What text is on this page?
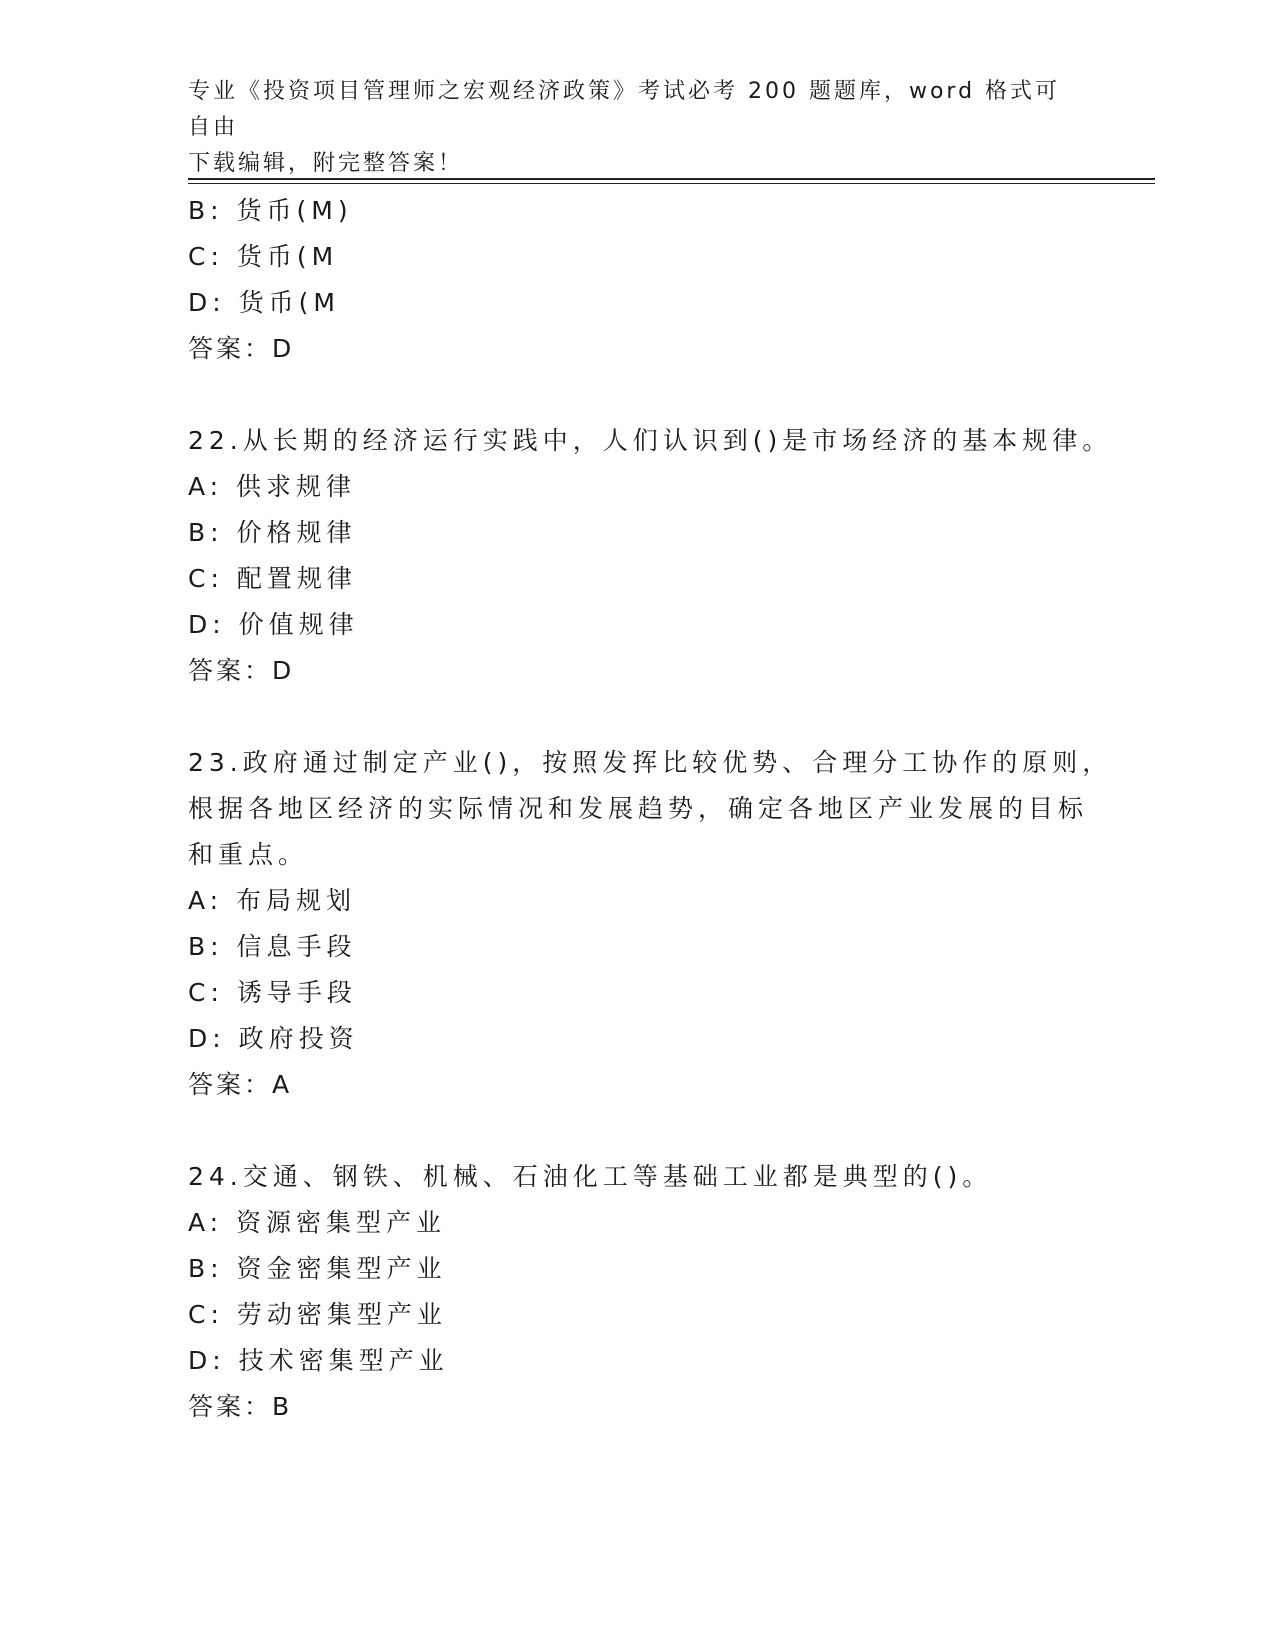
专业《投资项目管理师之宏观经济政策》考试必考 200 题题库，word 格式可自由
下载编辑，附完整答案！
B: 货币(M)
C: 货币(M
D: 货币(M
答案：D
22.从长期的经济运行实践中，人们认识到()是市场经济的基本规律。
A: 供求规律
B: 价格规律
C: 配置规律
D: 价值规律
答案：D
23.政府通过制定产业()，按照发挥比较优势、合理分工协作的原则，
根据各地区经济的实际情况和发展趋势，确定各地区产业发展的目标
和重点。
A: 布局规划
B: 信息手段
C: 诱导手段
D: 政府投资
答案：A
24.交通、钢铁、机械、石油化工等基础工业都是典型的()。
A: 资源密集型产业
B: 资金密集型产业
C: 劳动密集型产业
D: 技术密集型产业
答案：B
